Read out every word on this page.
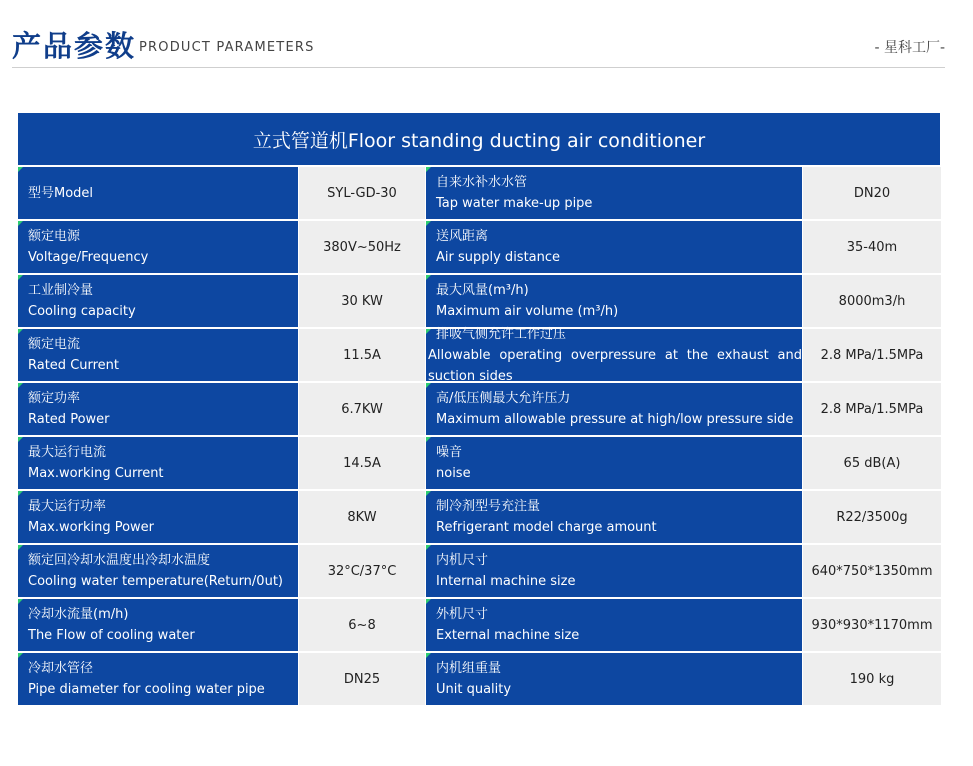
产品参数 PRODUCT PARAMETERS	- 星科工厂-
立式管道机Floor standing ducting air conditioner
型号Model	SYL-GD-30
自来水补水水管
Tap water make-up pipe
DN20
额定电源
Voltage/Frequency
380V~50Hz
送风距离
Air supply distance
35-40m
工业制冷量
Cooling capacity
30 KW
最大风量(m³/h)
Maximum air volume (m³/h)
8000m3/h
额定电流
Rated Current
11.5A
排吸气侧允许工作过压
Allowable operating overpressure at the exhaust and suction sides
2.8 MPa/1.5MPa
额定功率
Rated Power
6.7KW
高/低压侧最大允许压力
Maximum allowable pressure at high/low pressure side
2.8 MPa/1.5MPa
最大运行电流
Max.working Current
14.5A
噪音
noise
65 dB(A)
最大运行功率
Max.working Power
8KW
制冷剂型号充注量
Refrigerant model charge amount
R22/3500g
额定回冷却水温度出冷却水温度
Cooling water temperature(Return/0ut)
32°C/37°C
内机尺寸
Internal machine size
640*750*1350mm
冷却水流量(m/h)
The Flow of cooling water
6~8
外机尺寸
External machine size
930*930*1170mm
冷却水管径
Pipe diameter for cooling water pipe
DN25
内机组重量
Unit quality
190 kg
